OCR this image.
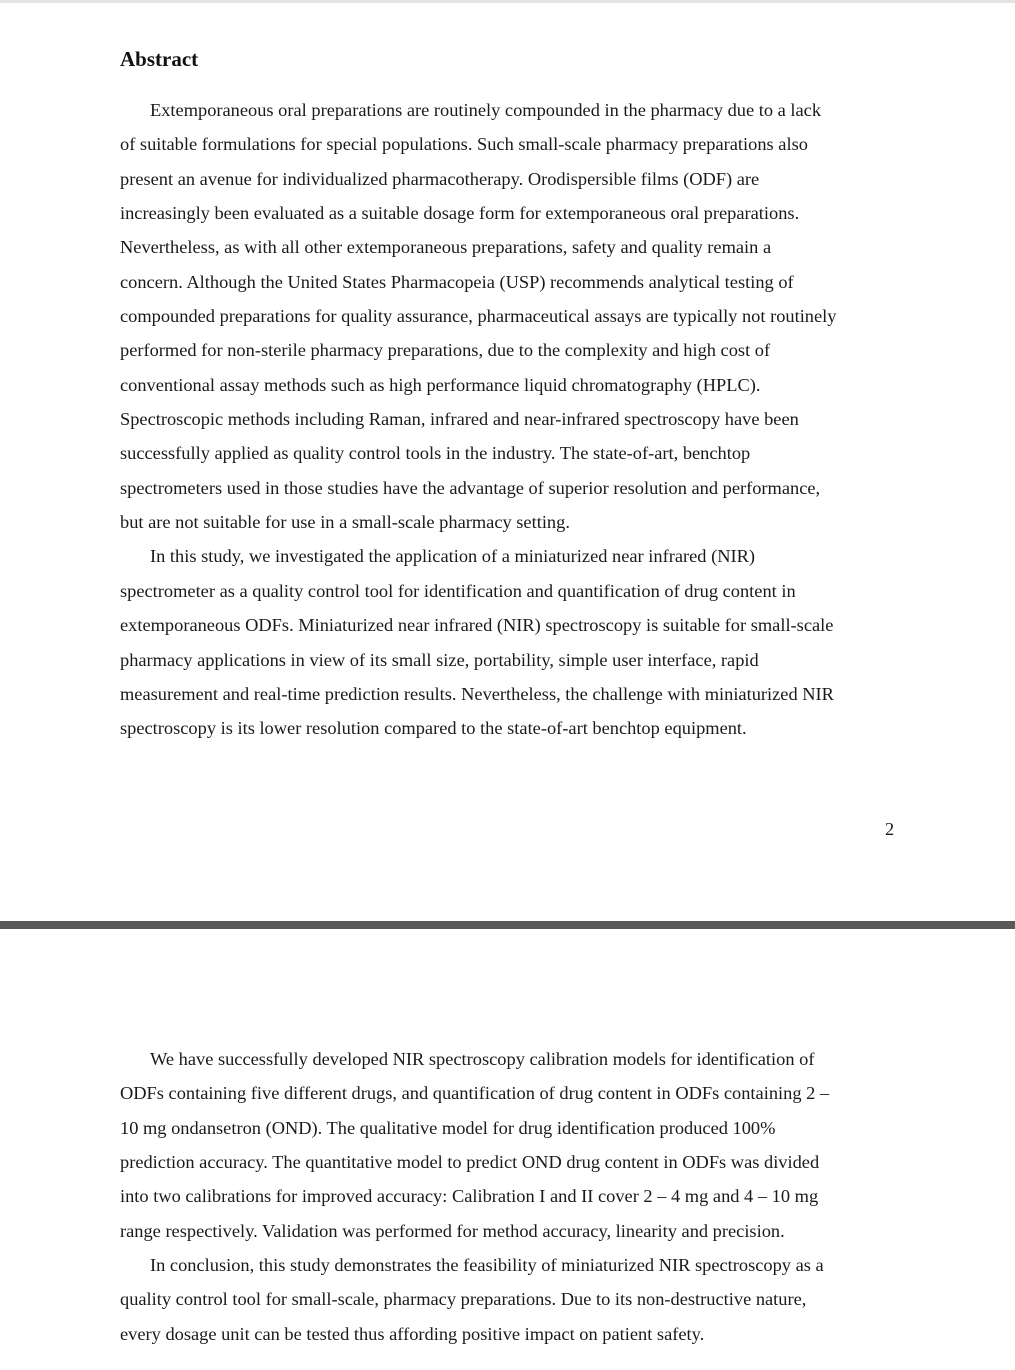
Abstract

Extemporaneous oral preparations are routinely compounded in the pharmacy due to a lack
of suitable formulations for special populations. Such small-scale pharmacy preparations also
present an avenue for individualized pharmacotherapy. Orodispersible films (ODF) are
increasingly been evaluated as a suitable dosage form for extemporaneous oral preparations.
Nevertheless, as with all other extemporaneous preparations, safety and quality remain a
concern. Although the United States Pharmacopeia (USP) recommends analytical testing of
compounded preparations for quality assurance, pharmaceutical assays are typically not routinely
performed for non-sterile pharmacy preparations, due to the complexity and high cost of
conventional assay methods such as high performance liquid chromatography (HPLC).
Spectroscopic methods including Raman, infrared and near-infrared spectroscopy have been
successfully applied as quality control tools in the industry. The state-of-art, benchtop
spectrometers used in those studies have the advantage of superior resolution and performance,
but are not suitable for use in a small-scale pharmacy setting.

In this study, we investigated the application of a miniaturized near infrared (NIR)
spectrometer as a quality control tool for identification and quantification of drug content in
extemporaneous ODFs. Miniaturized near infrared (NIR) spectroscopy is suitable for small-scale
pharmacy applications in view of its small size, portability, simple user interface, rapid
measurement and real-time prediction results. Nevertheless, the challenge with miniaturized NIR
spectroscopy is its lower resolution compared to the state-of-art benchtop equipment.

2

We have successfully developed NIR spectroscopy calibration models for identification of
ODFs containing five different drugs, and quantification of drug content in ODFs containing 2 –
10 mg ondansetron (OND). The qualitative model for drug identification produced 100%
prediction accuracy. The quantitative model to predict OND drug content in ODFs was divided
into two calibrations for improved accuracy: Calibration I and II cover 2 – 4 mg and 4 – 10 mg
range respectively. Validation was performed for method accuracy, linearity and precision.

In conclusion, this study demonstrates the feasibility of miniaturized NIR spectroscopy as a
quality control tool for small-scale, pharmacy preparations. Due to its non-destructive nature,
every dosage unit can be tested thus affording positive impact on patient safety.
